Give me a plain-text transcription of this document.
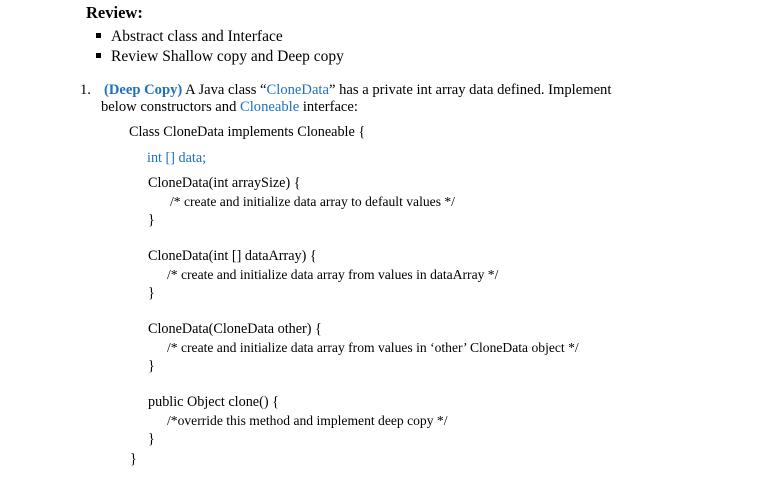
Review:
Abstract class and Interface
Review Shallow copy and Deep copy
1. (Deep Copy) A Java class “CloneData” has a private int array data defined. Implement
below constructors and Cloneable interface:
Class CloneData implements Cloneable {
int [] data;
CloneData(int arraySize) {
/* create and initialize data array to default values */
}
CloneData(int [] dataArray) {
/* create and initialize data array from values in dataArray */
}
CloneData(CloneData other) {
/* create and initialize data array from values in ‘other’ CloneData object */
}
public Object clone() {
/*override this method and implement deep copy */
}
}
